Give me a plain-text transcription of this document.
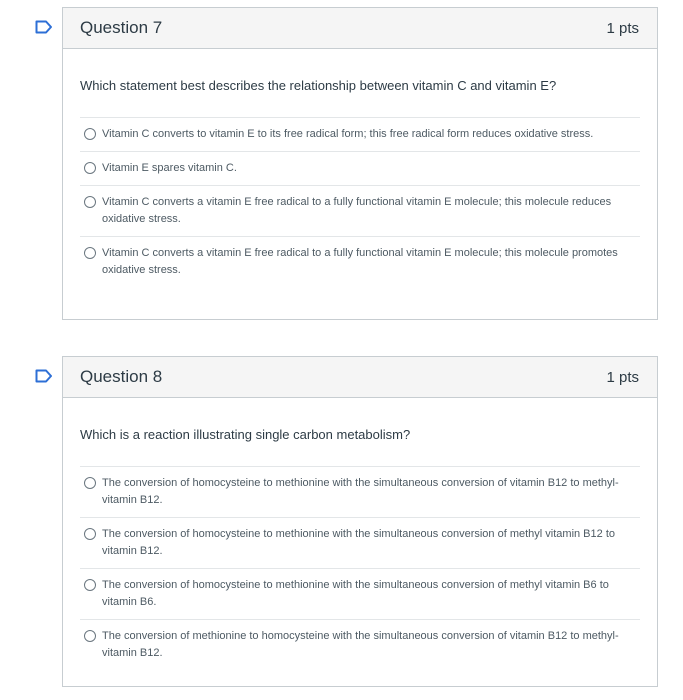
Question 7	1 pts
Which statement best describes the relationship between vitamin C and vitamin E?
Vitamin C converts to vitamin E to its free radical form; this free radical form reduces oxidative stress.
Vitamin E spares vitamin C.
Vitamin C converts a vitamin E free radical to a fully functional vitamin E molecule; this molecule reduces oxidative stress.
Vitamin C converts a vitamin E free radical to a fully functional vitamin E molecule; this molecule promotes oxidative stress.
Question 8	1 pts
Which is a reaction illustrating single carbon metabolism?
The conversion of homocysteine to methionine with the simultaneous conversion of vitamin B12 to methyl-vitamin B12.
The conversion of homocysteine to methionine with the simultaneous conversion of methyl vitamin B12 to vitamin B12.
The conversion of homocysteine to methionine with the simultaneous conversion of methyl vitamin B6 to vitamin B6.
The conversion of methionine to homocysteine with the simultaneous conversion of vitamin B12 to methyl-vitamin B12.
